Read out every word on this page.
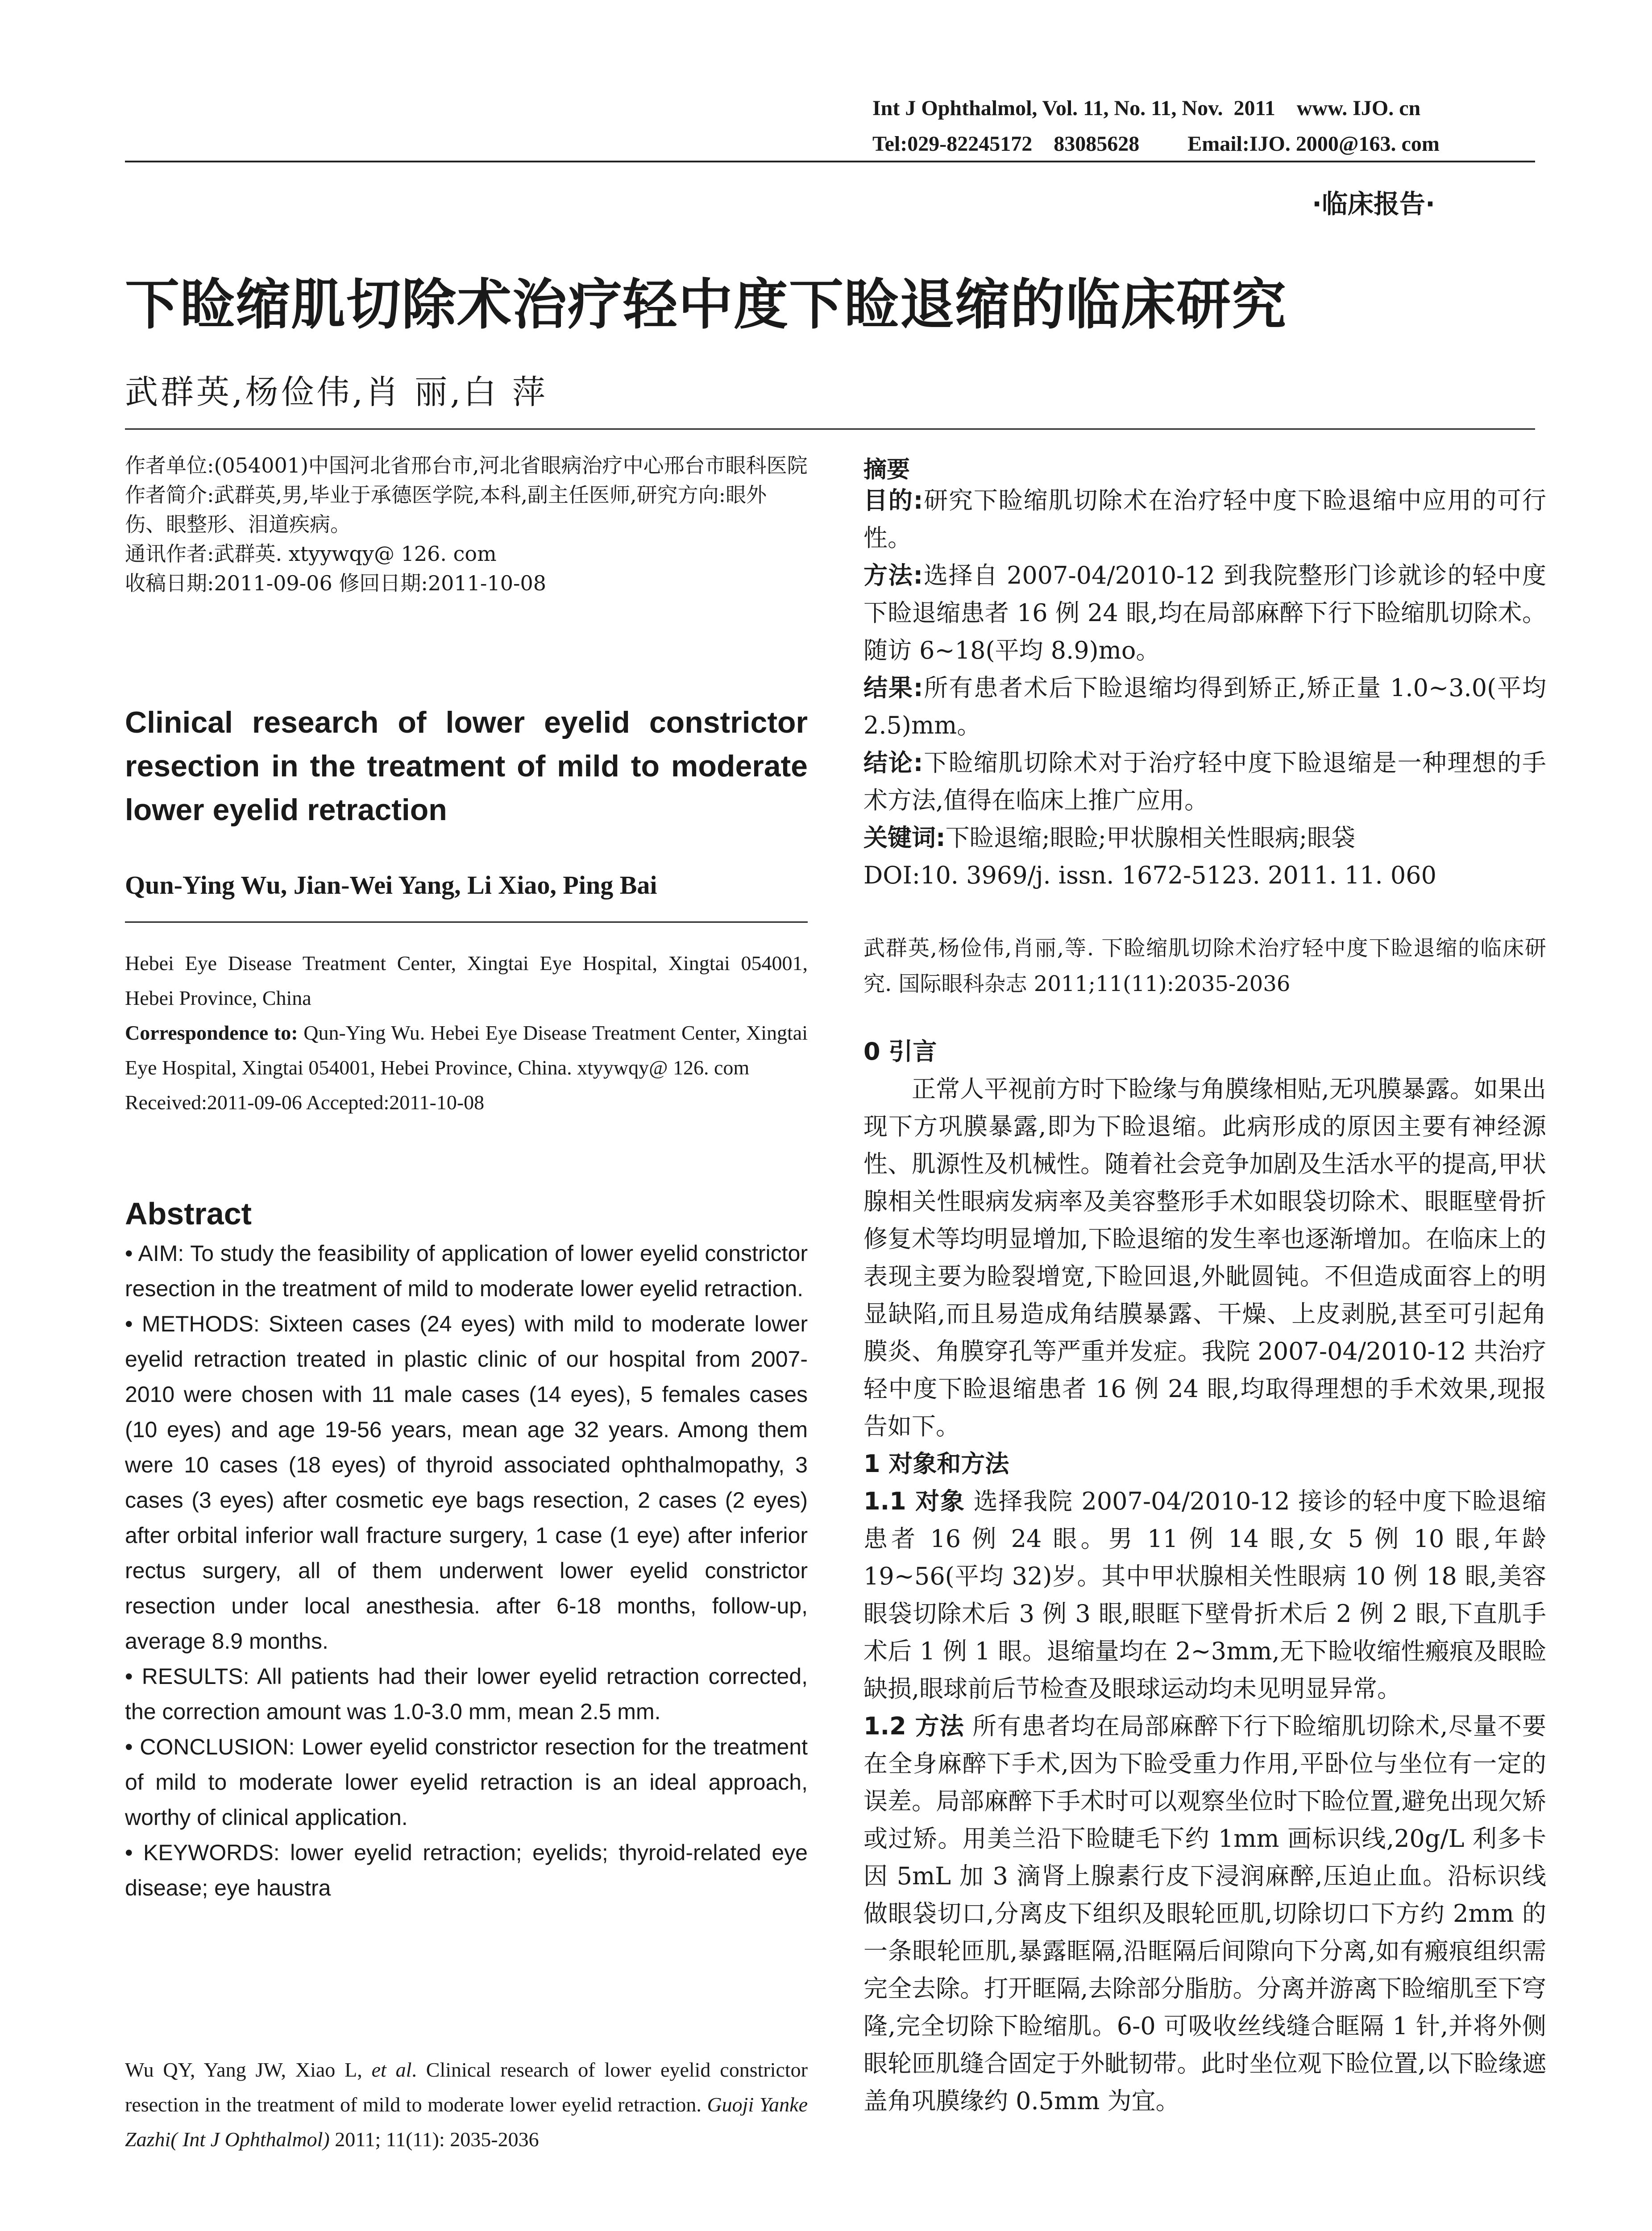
Int J Ophthalmol, Vol. 11, No. 11, Nov.  2011    www. IJO. cn
Tel:029-82245172    83085628         Email:IJO. 2000@163. com
·临床报告·
下睑缩肌切除术治疗轻中度下睑退缩的临床研究
武群英,杨俭伟,肖 丽,白 萍

作者单位:(054001)中国河北省邢台市,河北省眼病治疗中心邢台市眼科医院

作者简介:武群英,男,毕业于承德医学院,本科,副主任医师,研究方向:眼外伤、眼整形、泪道疾病。

通讯作者:武群英. xtyywqy@ 126. com

收稿日期:2011-09-06 修回日期:2011-10-08

Clinical research of lower eyelid constrictor resection in the treatment of mild to moderate lower eyelid retraction
Qun-Ying Wu, Jian-Wei Yang, Li Xiao, Ping Bai

Hebei Eye Disease Treatment Center, Xingtai Eye Hospital, Xingtai 054001, Hebei Province, China

Correspondence to: Qun-Ying Wu. Hebei Eye Disease Treatment Center, Xingtai Eye Hospital, Xingtai 054001, Hebei Province, China. xtyywqy@ 126. com

Received:2011-09-06 Accepted:2011-10-08

Abstract

• AIM: To study the feasibility of application of lower eyelid constrictor resection in the treatment of mild to moderate lower eyelid retraction.

• METHODS: Sixteen cases (24 eyes) with mild to moderate lower eyelid retraction treated in plastic clinic of our hospital from 2007-2010 were chosen with 11 male cases (14 eyes), 5 females cases (10 eyes) and age 19-56 years, mean age 32 years. Among them were 10 cases (18 eyes) of thyroid associated ophthalmopathy, 3 cases (3 eyes) after cosmetic eye bags resection, 2 cases (2 eyes) after orbital inferior wall fracture surgery, 1 case (1 eye) after inferior rectus surgery, all of them underwent lower eyelid constrictor resection under local anesthesia. after 6-18 months, follow-up, average 8.9 months.

• RESULTS: All patients had their lower eyelid retraction corrected, the correction amount was 1.0-3.0 mm, mean 2.5 mm.

• CONCLUSION: Lower eyelid constrictor resection for the treatment of mild to moderate lower eyelid retraction is an ideal approach, worthy of clinical application.

• KEYWORDS: lower eyelid retraction; eyelids; thyroid-related eye disease; eye haustra

Wu QY, Yang JW, Xiao L, et al. Clinical research of lower eyelid constrictor resection in the treatment of mild to moderate lower eyelid retraction. Guoji Yanke Zazhi( Int J Ophthalmol) 2011; 11(11): 2035-2036
摘要

目的:研究下睑缩肌切除术在治疗轻中度下睑退缩中应用的可行性。

方法:选择自 2007-04/2010-12 到我院整形门诊就诊的轻中度下睑退缩患者 16 例 24 眼,均在局部麻醉下行下睑缩肌切除术。随访 6~18(平均 8.9)mo。

结果:所有患者术后下睑退缩均得到矫正,矫正量 1.0~3.0(平均 2.5)mm。

结论:下睑缩肌切除术对于治疗轻中度下睑退缩是一种理想的手术方法,值得在临床上推广应用。

关键词:下睑退缩;眼睑;甲状腺相关性眼病;眼袋

DOI:10. 3969/j. issn. 1672-5123. 2011. 11. 060

武群英,杨俭伟,肖丽,等. 下睑缩肌切除术治疗轻中度下睑退缩的临床研究. 国际眼科杂志 2011;11(11):2035-2036

0 引言

正常人平视前方时下睑缘与角膜缘相贴,无巩膜暴露。如果出现下方巩膜暴露,即为下睑退缩。此病形成的原因主要有神经源性、肌源性及机械性。随着社会竞争加剧及生活水平的提高,甲状腺相关性眼病发病率及美容整形手术如眼袋切除术、眼眶壁骨折修复术等均明显增加,下睑退缩的发生率也逐渐增加。在临床上的表现主要为睑裂增宽,下睑回退,外眦圆钝。不但造成面容上的明显缺陷,而且易造成角结膜暴露、干燥、上皮剥脱,甚至可引起角膜炎、角膜穿孔等严重并发症。我院 2007-04/2010-12 共治疗轻中度下睑退缩患者 16 例 24 眼,均取得理想的手术效果,现报告如下。

1 对象和方法

1.1 对象 选择我院 2007-04/2010-12 接诊的轻中度下睑退缩患者 16 例 24 眼。男 11 例 14 眼,女 5 例 10 眼,年龄 19~56(平均 32)岁。其中甲状腺相关性眼病 10 例 18 眼,美容眼袋切除术后 3 例 3 眼,眼眶下壁骨折术后 2 例 2 眼,下直肌手术后 1 例 1 眼。退缩量均在 2~3mm,无下睑收缩性瘢痕及眼睑缺损,眼球前后节检查及眼球运动均未见明显异常。

1.2 方法 所有患者均在局部麻醉下行下睑缩肌切除术,尽量不要在全身麻醉下手术,因为下睑受重力作用,平卧位与坐位有一定的误差。局部麻醉下手术时可以观察坐位时下睑位置,避免出现欠矫或过矫。用美兰沿下睑睫毛下约 1mm 画标识线,20g/L 利多卡因 5mL 加 3 滴肾上腺素行皮下浸润麻醉,压迫止血。沿标识线做眼袋切口,分离皮下组织及眼轮匝肌,切除切口下方约 2mm 的一条眼轮匝肌,暴露眶隔,沿眶隔后间隙向下分离,如有瘢痕组织需完全去除。打开眶隔,去除部分脂肪。分离并游离下睑缩肌至下穹隆,完全切除下睑缩肌。6-0 可吸收丝线缝合眶隔 1 针,并将外侧眼轮匝肌缝合固定于外眦韧带。此时坐位观下睑位置,以下睑缘遮盖角巩膜缘约 0.5mm 为宜。
